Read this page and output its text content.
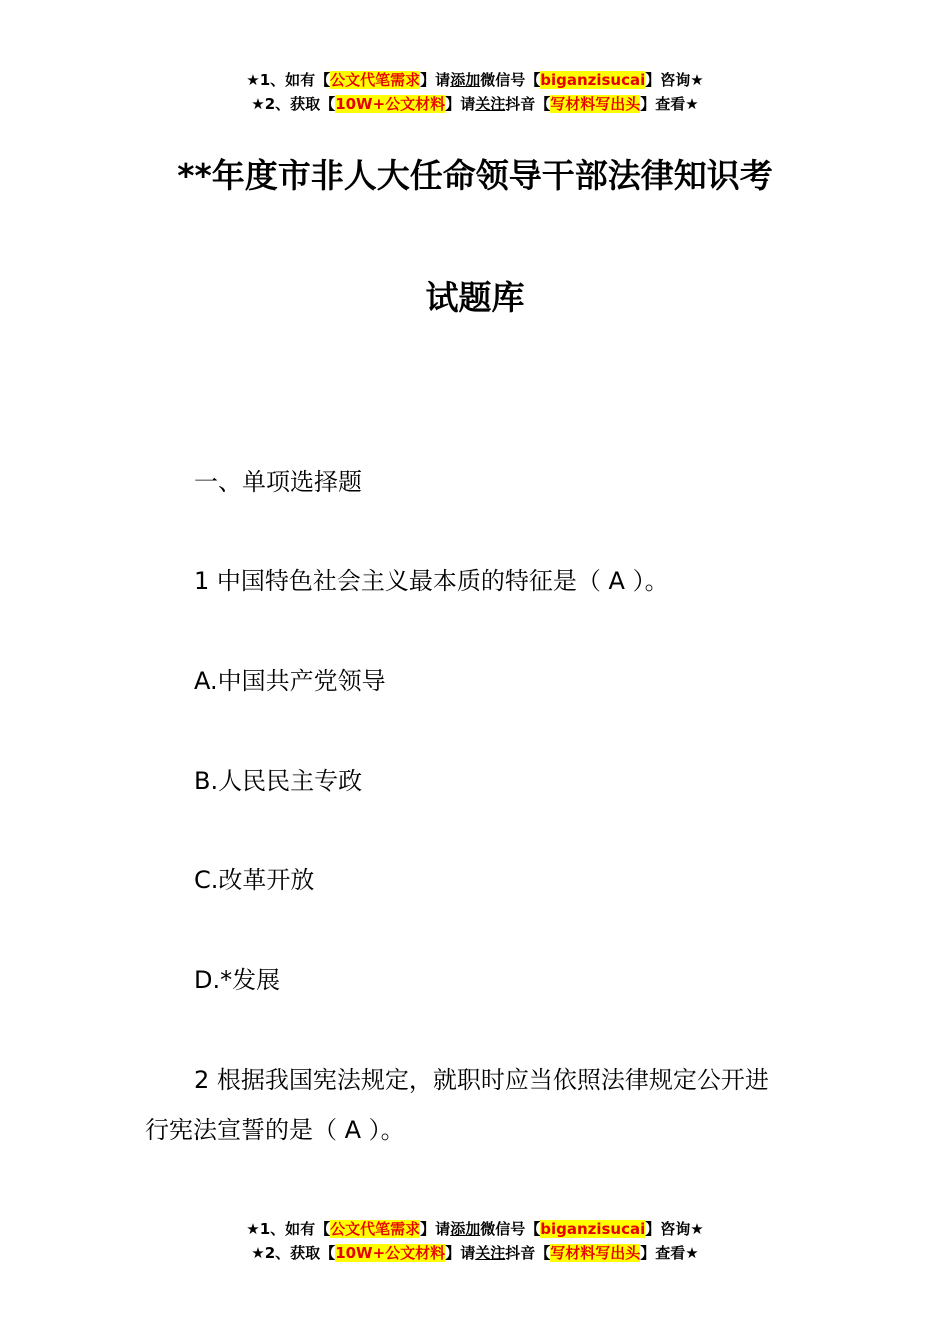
★1、如有【公文代笔需求】请添加微信号【biganzisucai】咨询★
★2、获取【10W+公文材料】请关注抖音【写材料写出头】查看★
**年度市非人大任命领导干部法律知识考
试题库
一、单项选择题
1 中国特色社会主义最本质的特征是（ A ）。
A.中国共产党领导
B.人民民主专政
C.改革开放
D.*发展
2 根据我国宪法规定，就职时应当依照法律规定公开进
行宪法宣誓的是（ A ）。
★1、如有【公文代笔需求】请添加微信号【biganzisucai】咨询★
★2、获取【10W+公文材料】请关注抖音【写材料写出头】查看★
